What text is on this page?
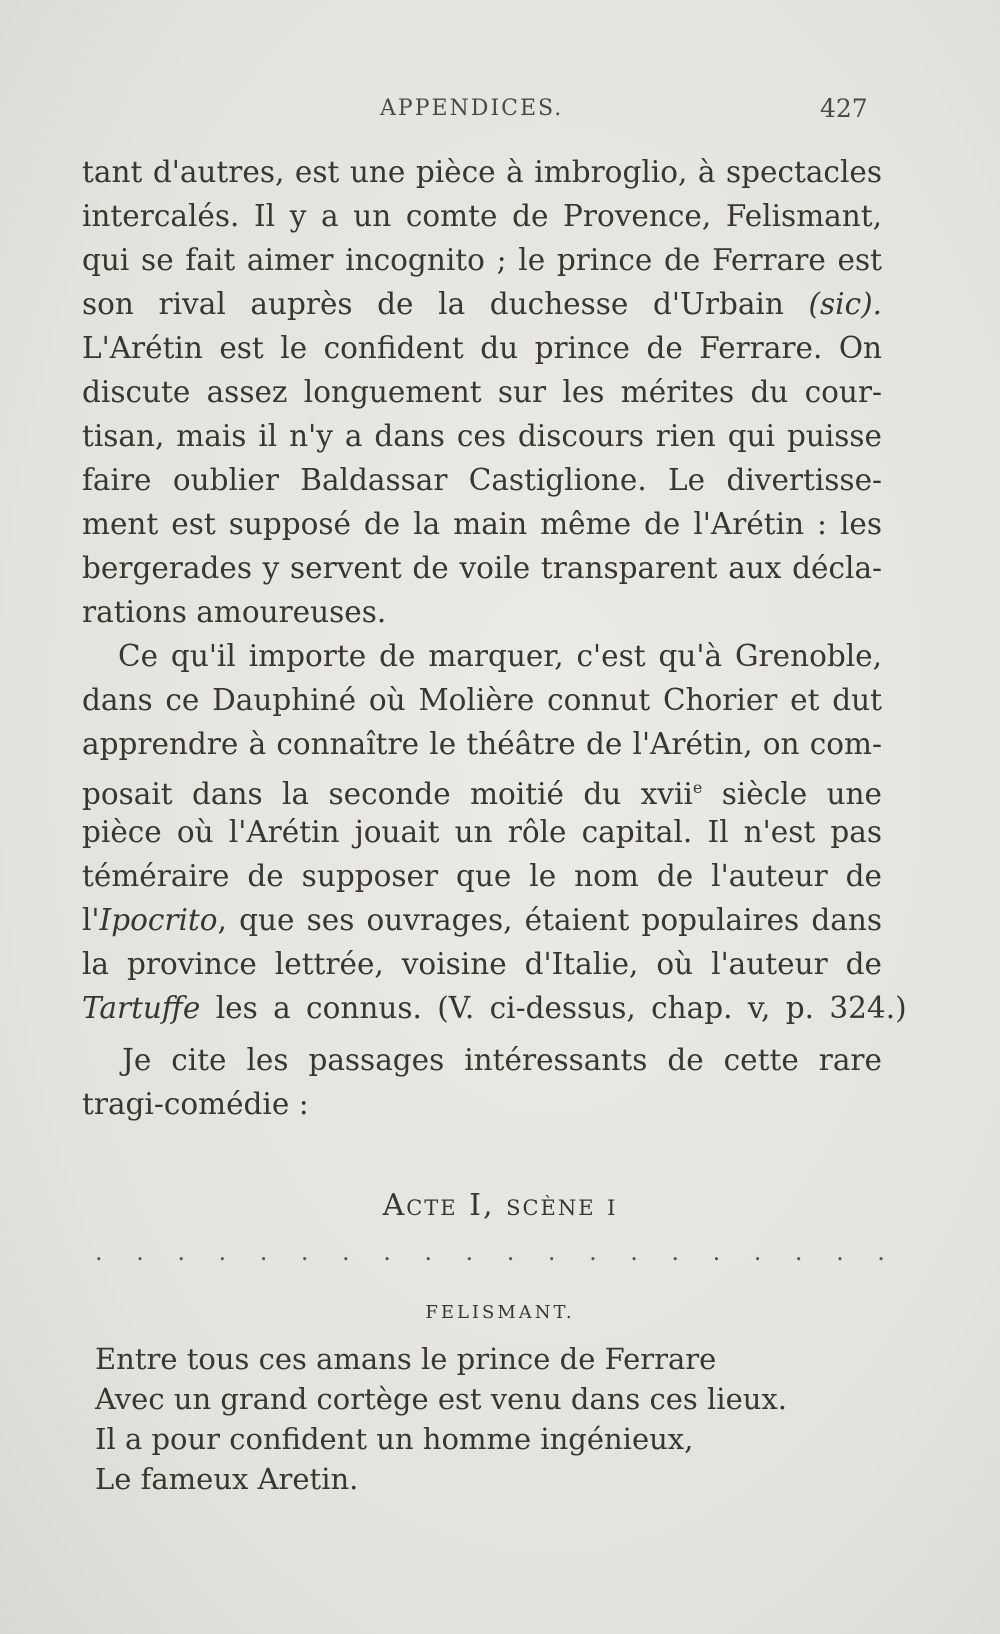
APPENDICES.	427
tant d'autres, est une pièce à imbroglio, à spectacles
intercalés. Il y a un comte de Provence, Felismant,
qui se fait aimer incognito ; le prince de Ferrare est
son rival auprès de la duchesse d'Urbain (sic).
L'Arétin est le confident du prince de Ferrare. On
discute assez longuement sur les mérites du cour-
tisan, mais il n'y a dans ces discours rien qui puisse
faire oublier Baldassar Castiglione. Le divertisse-
ment est supposé de la main même de l'Arétin : les
bergerades y servent de voile transparent aux décla-
rations amoureuses.
Ce qu'il importe de marquer, c'est qu'à Grenoble,
dans ce Dauphiné où Molière connut Chorier et dut
apprendre à connaître le théâtre de l'Arétin, on com-
posait dans la seconde moitié du xvii$^e$ siècle une
pièce où l'Arétin jouait un rôle capital. Il n'est pas
téméraire de supposer que le nom de l'auteur de
l'Ipocrito, que ses ouvrages, étaient populaires dans
la province lettrée, voisine d'Italie, où l'auteur de
Tartuffe les a connus. (V. ci-dessus, chap. v, p. 324.)
Je cite les passages intéressants de cette rare
tragi-comédie :
Acte I, scène i
. . . . . . . . . . . . . . . . . . . .
FELISMANT.
Entre tous ces amans le prince de Ferrare
Avec un grand cortège est venu dans ces lieux.
Il a pour confident un homme ingénieux,
Le fameux Aretin.
